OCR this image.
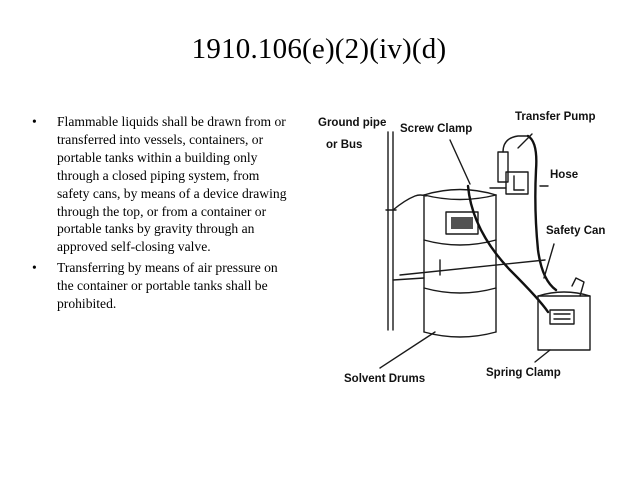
1910.106(e)(2)(iv)(d)
• Flammable liquids shall be drawn from or transferred into vessels, containers, or portable tanks within a building only through a closed piping system, from safety cans, by means of a device drawing through the top, or from a container or portable tanks by gravity through an approved self-closing valve.
• Transferring by means of air pressure on the container or portable tanks shall be prohibited.
Ground pipe
or Bus
Screw Clamp
Transfer Pump
Hose
Safety Can
Solvent Drums	Spring Clamp
